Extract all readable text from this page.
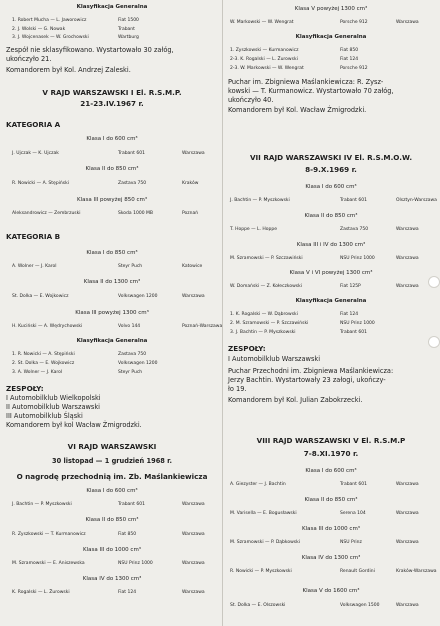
Klasyfikacja Generalna
1. Robert Mucha — L. Jaworowicz	Fiat 1500
2. J. Wolski — G. Nowak	Trabant
3. J. Wojcenasek — W. Grochowski	Wartburg
Zespół nie sklasyfikowano. Wystartowało 30 załóg,
ukończyło 21.
Komandorem był Kol. Andrzej Zaleski.
V RAJD WARSZAWSKI I El. R.S.M.P.
21-23.IV.1967 r.
KATEGORIA A
Klasa I do 600 cm³
J. Ujczak — K. Ujczak	Trabant 601	Warszawa
Klasa II do 850 cm³
R. Nowicki — A. Stępiński	Zastava 750	Kraków
Klasa III powyżej 850 cm³
Aleksandrowicz — Zembrzuski	Skoda 1000 MB	Poznań
KATEGORIA B
Klasa I do 850 cm³
A. Wolner — J. Karol	Steyr Puch	Katowice
Klasa II do 1300 cm³
St. Dolka — E. Wojkowicz	Volkswagen 1200	Warszawa
Klasa III powyżej 1300 cm³
H. Kuciński — A. Wędrychowski	Volvo 144	Poznań-Warszawa
Klasyfikacja Generalna
1. R. Nowicki — A. Stępiński	Zastava 750
2. St. Dolka — E. Wojkowicz	Volkswagen 1200
3. A. Wolner — J. Karol	Steyr Puch
ZESPOŁY:
I Automobilklub Wielkopolski
II Automobilklub Warszawski
III Automobilklub Śląski
Komandorem był kol Wacław Żmigrodzki.
VI RAJD WARSZAWSKI
30 listopad — 1 grudzień 1968 r.
O nagrodę przechodnią im. Zb. Maślankiewicza
Klasa I do 600 cm³
J. Bachtin — P. Myszkowski	Trabant 601	Warszawa
Klasa II do 850 cm³
R. Zyszkowski — T. Kurmanowicz	Fiat 850	Warszawa
Klasa III do 1000 cm³
M. Szramowski — E. Aniszewska	NSU Prinz 1000	Warszawa
Klasa IV do 1300 cm³
K. Rogalski — L. Żurowski	Fiat 124	Warszawa
Klasa V powyżej 1300 cm³
W. Markowski — W. Wengrat	Porsche 912	Warszawa
Klasyfikacja Generalna
1. Zyszkowski — Kurmanowicz	Fiat 850
2-3. K. Rogalski — L. Żurowski	Fiat 124
2-3. W. Markowski — W. Wengrat	Porsche 912
Puchar im. Zbigniewa Maślankiewicza: R. Zysz-
kowski — T. Kurmanowicz. Wystartowało 70 załóg,
ukończyło 40.
Komandorem był Kol. Wacław Żmigrodzki.
VII RAJD WARSZAWSKI IV El. R.S.M.O.W.
8-9.X.1969 r.
Klasa I do 600 cm³
J. Bachtin — P. Myszkowski	Trabant 601	Olsztyn-Warszawa
Klasa II do 850 cm³
T. Hoppe — L. Hoppe	Zastava 750	Warszawa
Klasa III i IV do 1300 cm³
M. Szramowski — P. Szczawiński	NSU Prinz 1000	Warszawa
Klasa V i VI powyżej 1300 cm³
W. Domański — Z. Kołeczkowski	Fiat 125P	Warszawa
Klasyfikacja Generalna
1. K. Rogalski — W. Dąbrowski	Fiat 124
2. M. Szramowski — P. Szczawiński	NSU Prinz 1000
3. J. Bachtin — P. Myszkowski	Trabant 601
ZESPOŁY:
I Automobilklub Warszawski
Puchar Przechodni im. Zbigniewa Maślankiewicza:
Jerzy Bachtin. Wystartowały 23 załogi, ukończy-
ło 19.
Komandorem był Kol. Julian Zabokrzecki.
VIII RAJD WARSZAWSKI V El. R.S.M.P
7-8.XI.1970 r.
Klasa I do 600 cm³
A. Giezyster — J. Bachtin	Trabant 601	Warszawa
Klasa II do 850 cm³
M. Varisella — E. Bogusławski	Serena 104	Warszawa
Klasa III do 1000 cm³
M. Szramowski — P. Dąbkowski	NSU Prinz	Warszawa
Klasa IV do 1300 cm³
R. Nowicki — P. Myszkowski	Renault Gordini	Kraków-Warszawa
Klasa V do 1600 cm³
St. Dolka — E. Olszowski	Volkswagen 1500	Warszawa
